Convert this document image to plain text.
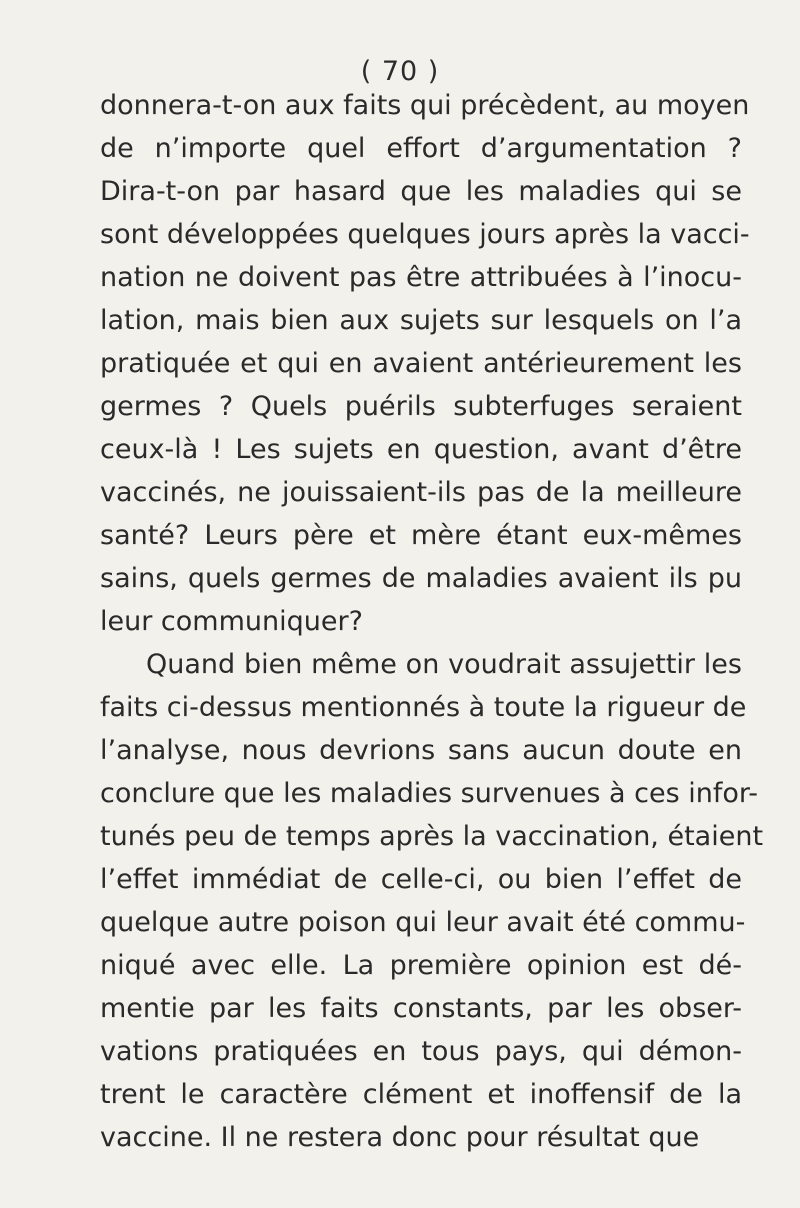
( 70 )
donnera-t-on aux faits qui précèdent, au moyen
de n’importe quel effort d’argumentation ?
Dira-t-on par hasard que les maladies qui se
sont développées quelques jours après la vacci-
nation ne doivent pas être attribuées à l’inocu-
lation, mais bien aux sujets sur lesquels on l’a
pratiquée et qui en avaient antérieurement les
germes ? Quels puérils subterfuges seraient
ceux-là ! Les sujets en question, avant d’être
vaccinés, ne jouissaient-ils pas de la meilleure
santé? Leurs père et mère étant eux-mêmes
sains, quels germes de maladies avaient ils pu
leur communiquer?
Quand bien même on voudrait assujettir les
faits ci-dessus mentionnés à toute la rigueur de
l’analyse, nous devrions sans aucun doute en
conclure que les maladies survenues à ces infor-
tunés peu de temps après la vaccination, étaient
l’effet immédiat de celle-ci, ou bien l’effet de
quelque autre poison qui leur avait été commu-
niqué avec elle. La première opinion est dé-
mentie par les faits constants, par les obser-
vations pratiquées en tous pays, qui démon-
trent le caractère clément et inoffensif de la
vaccine. Il ne restera donc pour résultat que
